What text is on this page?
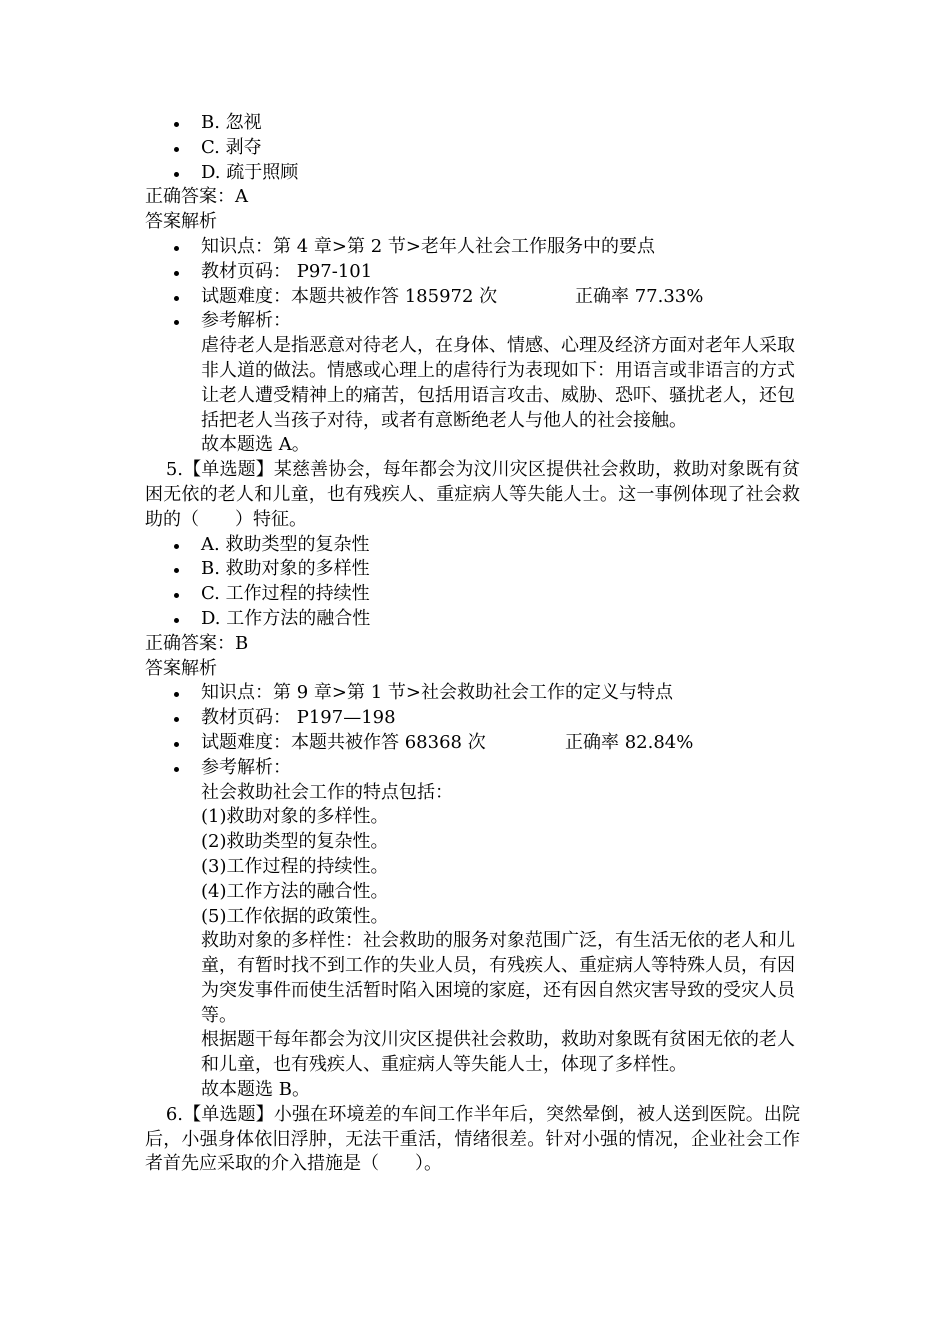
B. 忽视
C. 剥夺
D. 疏于照顾
正确答案：A
答案解析
知识点：第 4 章>第 2 节>老年人社会工作服务中的要点
教材页码： P97-101
试题难度：本题共被作答 185972 次	正确率 77.33%
参考解析：
虐待老人是指恶意对待老人，在身体、情感、心理及经济方面对老年人采取非人道的做法。情感或心理上的虐待行为表现如下：用语言或非语言的方式让老人遭受精神上的痛苦，包括用语言攻击、威胁、恐吓、骚扰老人，还包括把老人当孩子对待，或者有意断绝老人与他人的社会接触。
故本题选 A。
5.【单选题】某慈善协会，每年都会为汶川灾区提供社会救助，救助对象既有贫困无依的老人和儿童，也有残疾人、重症病人等失能人士。这一事例体现了社会救助的（　　）特征。
A. 救助类型的复杂性
B. 救助对象的多样性
C. 工作过程的持续性
D. 工作方法的融合性
正确答案：B
答案解析
知识点：第 9 章>第 1 节>社会救助社会工作的定义与特点
教材页码： P197—198
试题难度：本题共被作答 68368 次	正确率 82.84%
参考解析：
社会救助社会工作的特点包括：
(1)救助对象的多样性。
(2)救助类型的复杂性。
(3)工作过程的持续性。
(4)工作方法的融合性。
(5)工作依据的政策性。
救助对象的多样性：社会救助的服务对象范围广泛，有生活无依的老人和儿童，有暂时找不到工作的失业人员，有残疾人、重症病人等特殊人员，有因为突发事件而使生活暂时陷入困境的家庭，还有因自然灾害导致的受灾人员等。
根据题干每年都会为汶川灾区提供社会救助，救助对象既有贫困无依的老人和儿童，也有残疾人、重症病人等失能人士，体现了多样性。
故本题选 B。
6.【单选题】小强在环境差的车间工作半年后，突然晕倒，被人送到医院。出院后，小强身体依旧浮肿，无法干重活，情绪很差。针对小强的情况，企业社会工作者首先应采取的介入措施是（　　）。
